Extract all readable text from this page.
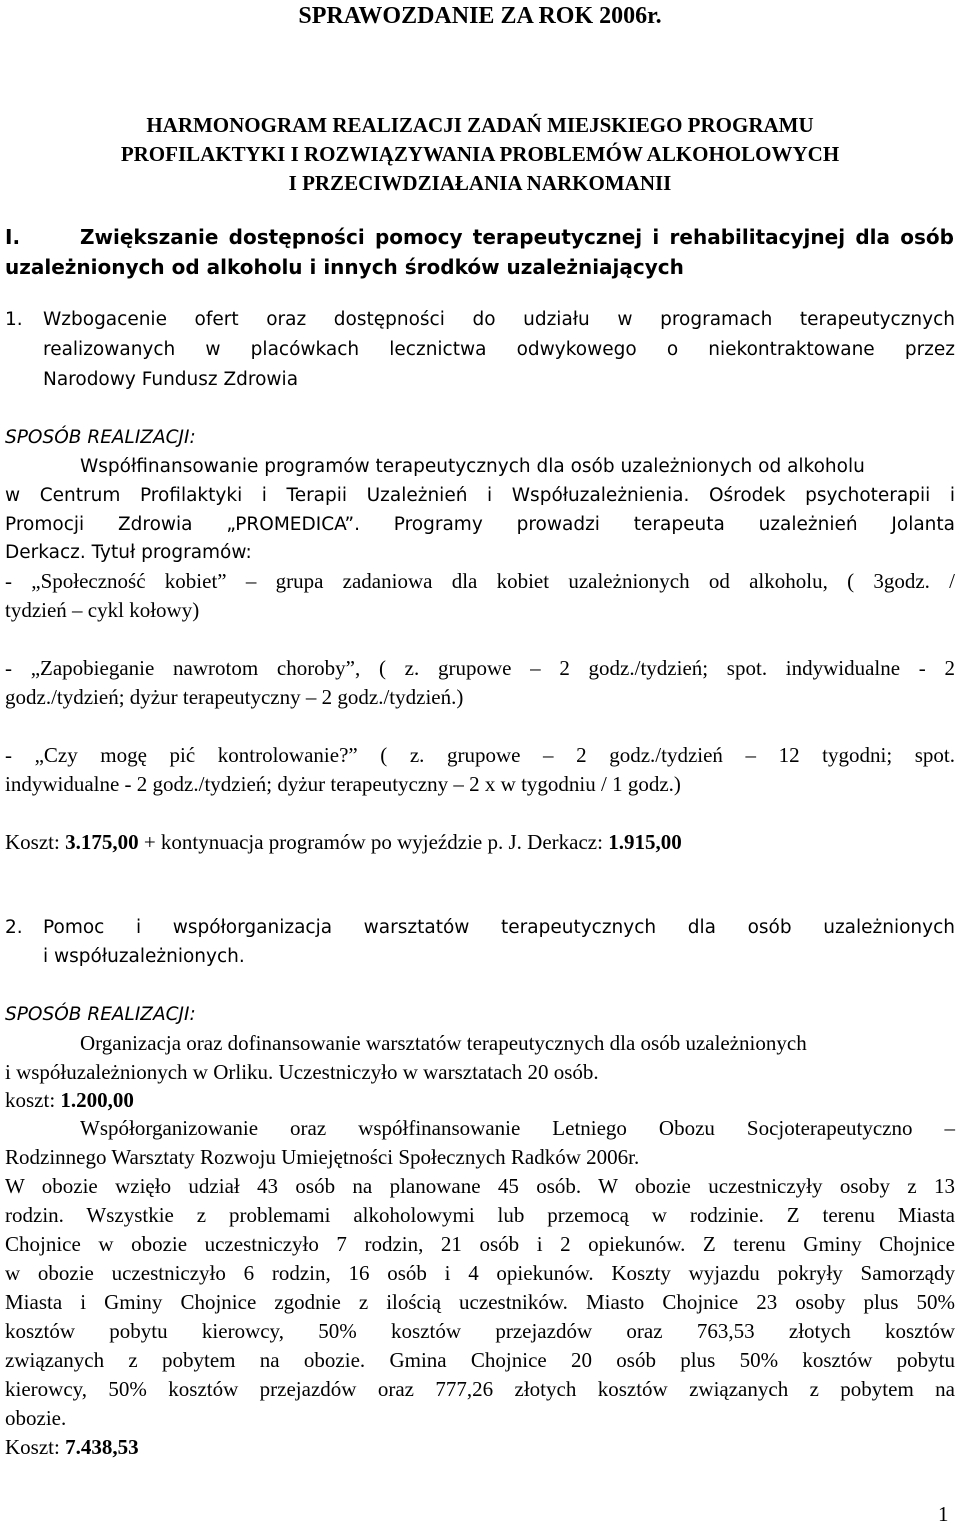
SPRAWOZDANIE ZA ROK 2006r.
HARMONOGRAM REALIZACJI ZADAŃ MIEJSKIEGO PROGRAMU
PROFILAKTYKI I ROZWIĄZYWANIA PROBLEMÓW ALKOHOLOWYCH
I PRZECIWDZIAŁANIA NARKOMANII
I.	Zwiększanie dostępności pomocy terapeutycznej i rehabilitacyjnej dla osób
uzależnionych od alkoholu i innych środków uzależniających
1. Wzbogacenie ofert oraz dostępności do udziału w programach terapeutycznych
realizowanych w placówkach lecznictwa odwykowego o niekontraktowane przez
Narodowy Fundusz Zdrowia
SPOSÓB REALIZACJI:
Współfinansowanie programów terapeutycznych dla osób uzależnionych od alkoholu
w Centrum Profilaktyki i Terapii Uzależnień i Współuzależnienia. Ośrodek psychoterapii i
Promocji Zdrowia „PROMEDICA”. Programy prowadzi terapeuta uzależnień Jolanta
Derkacz. Tytuł programów:
- „Społeczność kobiet” – grupa zadaniowa dla kobiet uzależnionych od alkoholu, ( 3godz. /
tydzień – cykl kołowy)
- „Zapobieganie nawrotom choroby”, ( z. grupowe – 2 godz./tydzień; spot. indywidualne - 2
godz./tydzień; dyżur terapeutyczny – 2 godz./tydzień.)
- „Czy mogę pić kontrolowanie?” ( z. grupowe – 2 godz./tydzień – 12 tygodni; spot.
indywidualne - 2 godz./tydzień; dyżur terapeutyczny – 2 x w tygodniu / 1 godz.)
Koszt: 3.175,00 + kontynuacja programów po wyjeździe p. J. Derkacz: 1.915,00
2. Pomoc i współorganizacja warsztatów terapeutycznych dla osób uzależnionych
i współuzależnionych.
SPOSÓB REALIZACJI:
Organizacja oraz dofinansowanie warsztatów terapeutycznych dla osób uzależnionych
i współuzależnionych w Orliku. Uczestniczyło w warsztatach 20 osób.
koszt: 1.200,00
Współorganizowanie oraz współfinansowanie Letniego Obozu Socjoterapeutyczno –
Rodzinnego Warsztaty Rozwoju Umiejętności Społecznych Radków 2006r.
W obozie wzięło udział 43 osób na planowane 45 osób. W obozie uczestniczyły osoby z 13
rodzin. Wszystkie z problemami alkoholowymi lub przemocą w rodzinie. Z terenu Miasta
Chojnice w obozie uczestniczyło 7 rodzin, 21 osób i 2 opiekunów. Z terenu Gminy Chojnice
w obozie uczestniczyło 6 rodzin, 16 osób i 4 opiekunów. Koszty wyjazdu pokryły Samorządy
Miasta i Gminy Chojnice zgodnie z ilością uczestników. Miasto Chojnice 23 osoby plus 50%
kosztów pobytu kierowcy, 50% kosztów przejazdów oraz 763,53 złotych kosztów
związanych z pobytem na obozie. Gmina Chojnice 20 osób plus 50% kosztów pobytu
kierowcy, 50% kosztów przejazdów oraz 777,26 złotych kosztów związanych z pobytem na
obozie.
Koszt: 7.438,53
1
